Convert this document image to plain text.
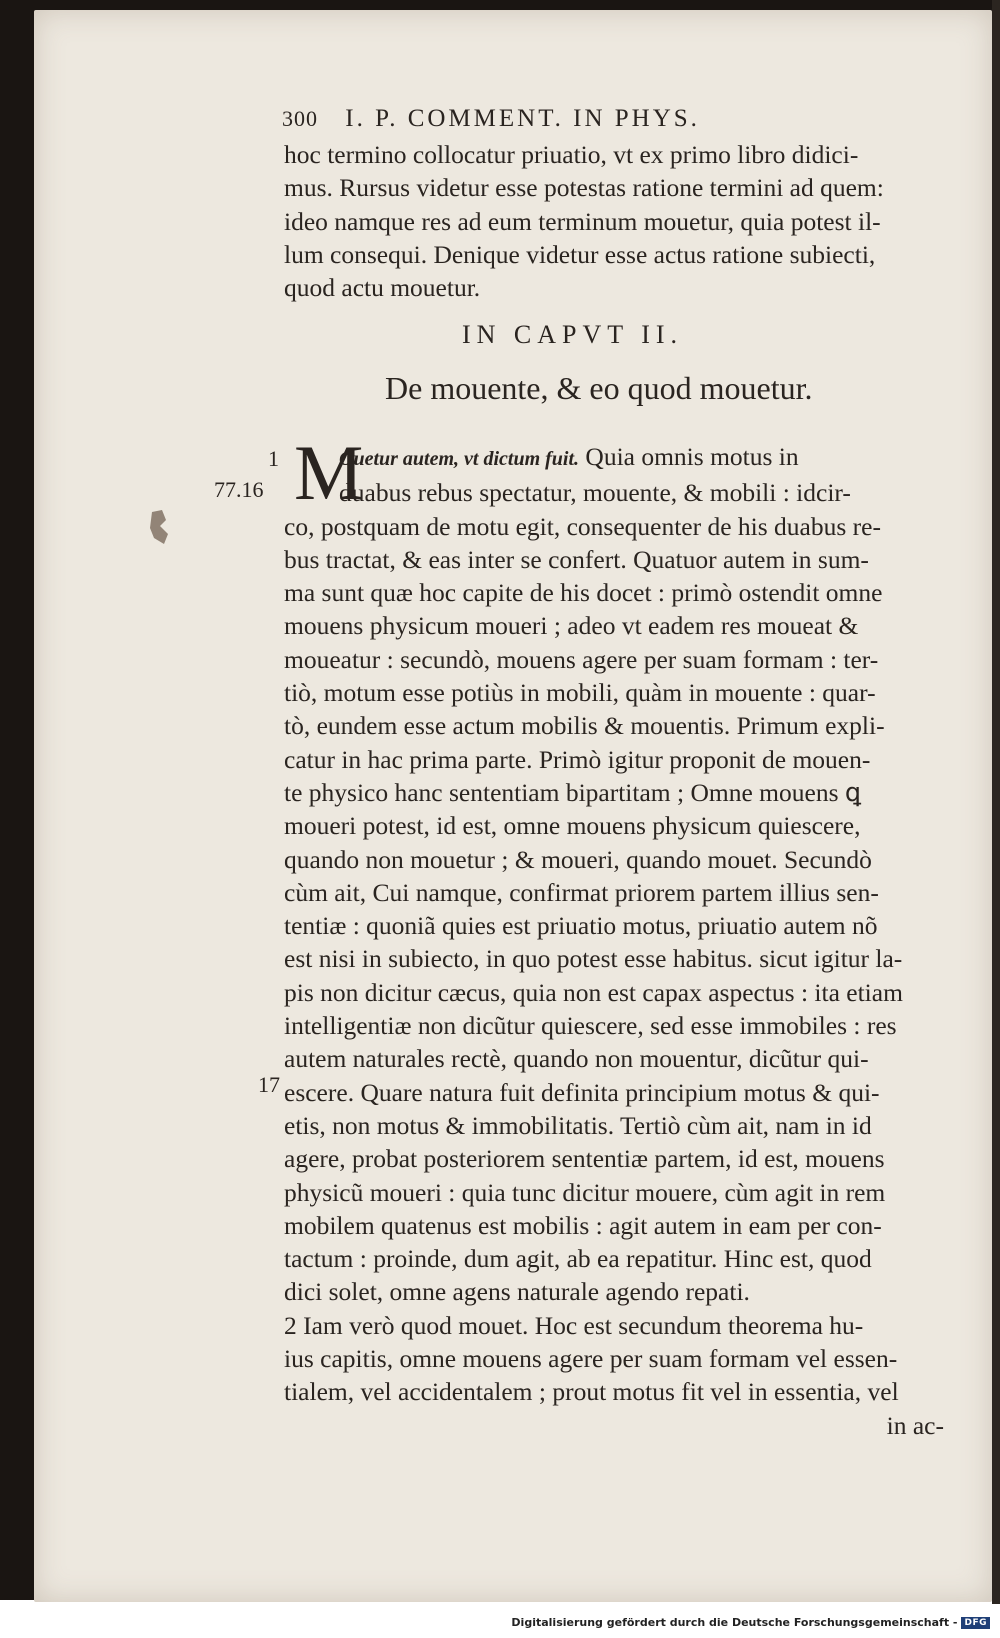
300 I. P. COMMENT. IN PHYS.
hoc termino collocatur priuatio, vt ex primo libro didici-
mus. Rursus videtur esse potestas ratione termini ad quem:
ideo namque res ad eum terminum mouetur, quia potest il-
lum consequi. Denique videtur esse actus ratione subiecti,
quod actu mouetur.
IN CAPVT II.
De mouente, & eo quod mouetur.
1
77.16
17
M
Ouetur autem, vt dictum fuit. Quia omnis motus in
duabus rebus spectatur, mouente, & mobili : idcir-
co, postquam de motu egit, consequenter de his duabus re-
bus tractat, & eas inter se confert. Quatuor autem in sum-
ma sunt quæ hoc capite de his docet : primò ostendit omne
mouens physicum moueri ; adeo vt eadem res moueat &
moueatur : secundò, mouens agere per suam formam : ter-
tiò, motum esse potiùs in mobili, quàm in mouente : quar-
tò, eundem esse actum mobilis & mouentis. Primum expli-
catur in hac prima parte. Primò igitur proponit de mouen-
te physico hanc sententiam bipartitam ; Omne mouens ꝗ
moueri potest, id est, omne mouens physicum quiescere,
quando non mouetur ; & moueri, quando mouet. Secundò
cùm ait, Cui namque, confirmat priorem partem illius sen-
tentiæ : quoniã quies est priuatio motus, priuatio autem nõ
est nisi in subiecto, in quo potest esse habitus. sicut igitur la-
pis non dicitur cæcus, quia non est capax aspectus : ita etiam
intelligentiæ non dicũtur quiescere, sed esse immobiles : res
autem naturales rectè, quando non mouentur, dicũtur qui-
escere. Quare natura fuit definita principium motus & qui-
etis, non motus & immobilitatis. Tertiò cùm ait, nam in id
agere, probat posteriorem sententiæ partem, id est, mouens
physicũ moueri : quia tunc dicitur mouere, cùm agit in rem
mobilem quatenus est mobilis : agit autem in eam per con-
tactum : proinde, dum agit, ab ea repatitur. Hinc est, quod
dici solet, omne agens naturale agendo repati.
2 Iam verò quod mouet. Hoc est secundum theorema hu-
ius capitis, omne mouens agere per suam formam vel essen-
tialem, vel accidentalem ; prout motus fit vel in essentia, vel
in ac-
Digitalisierung gefördert durch die Deutsche Forschungsgemeinschaft - DFG
